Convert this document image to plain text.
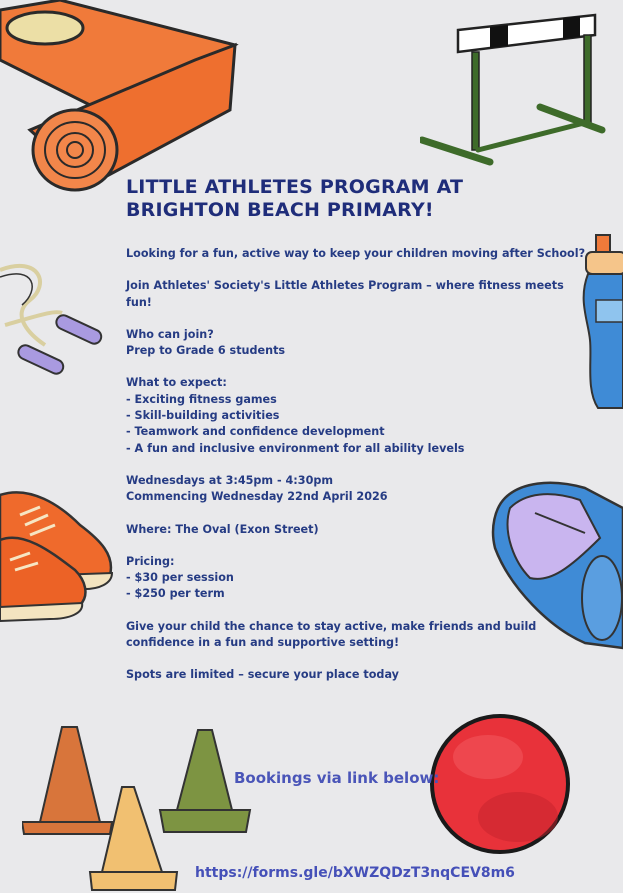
LITTLE ATHLETES PROGRAM AT
BRIGHTON BEACH PRIMARY!

Looking for a fun, active way to keep your children moving after School?

Join Athletes' Society's Little Athletes Program – where fitness meets fun!

Who can join?

Prep to Grade 6 students

What to expect:

- Exciting fitness games

- Skill-building activities

- Teamwork and confidence development

- A fun and inclusive environment for all ability levels

Wednesdays at 3:45pm - 4:30pm

Commencing Wednesday 22nd April 2026

Where: The Oval (Exon Street)

Pricing:

- $30 per session

- $250 per term

Give your child the chance to stay active, make friends and build

confidence in a fun and supportive setting!

Spots are limited – secure your place today

Bookings via link below:
https://forms.gle/bXWZQDzT3nqCEV8m6
